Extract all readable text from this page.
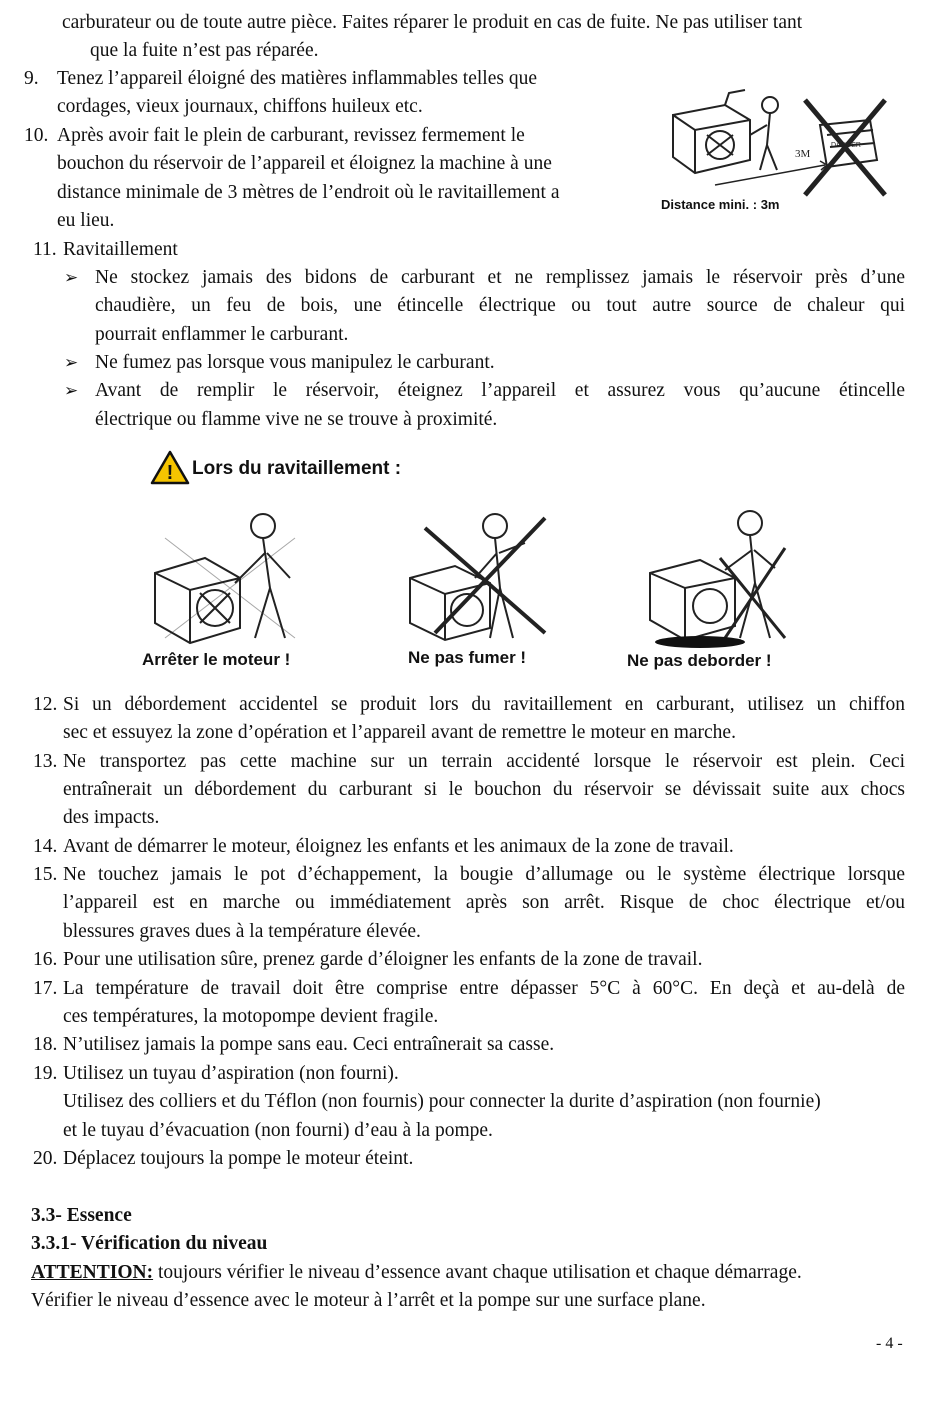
carburateur ou de toute autre pièce. Faites réparer le produit en cas de fuite. Ne pas utiliser tant
que la fuite n’est pas réparée.
9. Tenez l’appareil éloigné des matières inflammables telles que
cordages, vieux journaux, chiffons huileux etc.
10. Après avoir fait le plein de carburant, revissez fermement le
bouchon du réservoir de l’appareil et éloignez la machine à une
distance minimale de 3 mètres de l’endroit où le ravitaillement a
eu lieu.
3M
DANGER
Distance mini. : 3m
11. Ravitaillement
➢ Ne stockez jamais des bidons de carburant et ne remplissez jamais le réservoir près d’une
chaudière, un feu de bois, une étincelle électrique ou tout autre source de chaleur qui
pourrait enflammer le carburant.
➢ Ne fumez pas lorsque vous manipulez le carburant.
➢ Avant de remplir le réservoir, éteignez l’appareil et assurez vous qu’aucune étincelle
électrique ou flamme vive ne se trouve à proximité.
! Lors du ravitaillement :
Arrêter le moteur !	Ne pas fumer !	Ne pas deborder !
12. Si un débordement accidentel se produit lors du ravitaillement en carburant, utilisez un chiffon
sec et essuyez la zone d’opération et l’appareil avant de remettre le moteur en marche.
13. Ne transportez pas cette machine sur un terrain accidenté lorsque le réservoir est plein. Ceci
entraînerait un débordement du carburant si le bouchon du réservoir se dévissait suite aux chocs
des impacts.
14. Avant de démarrer le moteur, éloignez les enfants et les animaux de la zone de travail.
15. Ne touchez jamais le pot d’échappement, la bougie d’allumage ou le système électrique lorsque
l’appareil est en marche ou immédiatement après son arrêt. Risque de choc électrique et/ou
blessures graves dues à la température élevée.
16. Pour une utilisation sûre, prenez garde d’éloigner les enfants de la zone de travail.
17. La température de travail doit être comprise entre dépasser 5°C à 60°C. En deçà et au-delà de
ces températures, la motopompe devient fragile.
18. N’utilisez jamais la pompe sans eau. Ceci entraînerait sa casse.
19. Utilisez un tuyau d’aspiration (non fourni).
Utilisez des colliers et du Téflon (non fournis) pour connecter la durite d’aspiration (non fournie)
et le tuyau d’évacuation (non fourni) d’eau à la pompe.
20. Déplacez toujours la pompe le moteur éteint.
3.3- Essence
3.3.1- Vérification du niveau
ATTENTION: toujours vérifier le niveau d’essence avant chaque utilisation et chaque démarrage.
Vérifier le niveau d’essence avec le moteur à l’arrêt et la pompe sur une surface plane.
- 4 -
